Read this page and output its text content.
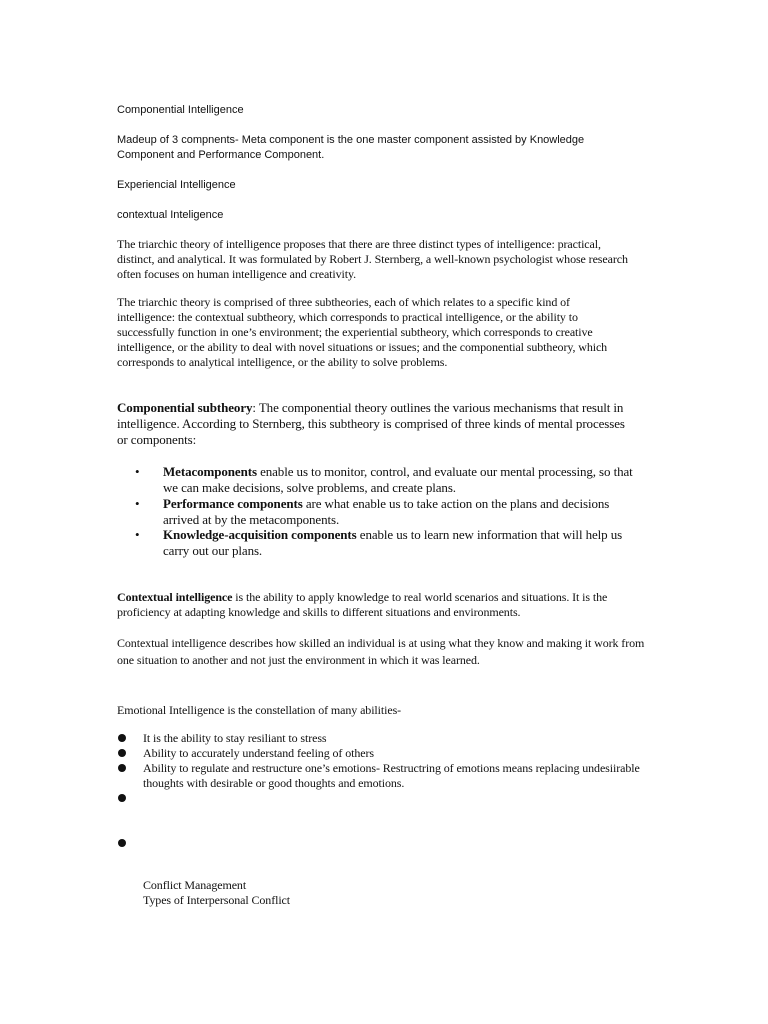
Componential Intelligence

Madeup of 3 compnents- Meta component is the one master component assisted by Knowledge Component and Performance Component.

Experiencial Intelligence

contextual Inteligence

The triarchic theory of intelligence proposes that there are three distinct types of intelligence: practical, distinct, and analytical. It was formulated by Robert J. Sternberg, a well-known psychologist whose research often focuses on human intelligence and creativity.

The triarchic theory is comprised of three subtheories, each of which relates to a specific kind of intelligence: the contextual subtheory, which corresponds to practical intelligence, or the ability to successfully function in one’s environment; the experiential subtheory, which corresponds to creative intelligence, or the ability to deal with novel situations or issues; and the componential subtheory, which corresponds to analytical intelligence, or the ability to solve problems.

Componential subtheory: The componential theory outlines the various mechanisms that result in intelligence. According to Sternberg, this subtheory is comprised of three kinds of mental processes or components:

• Metacomponents enable us to monitor, control, and evaluate our mental processing, so that we can make decisions, solve problems, and create plans.

• Performance components are what enable us to take action on the plans and decisions arrived at by the metacomponents.

• Knowledge-acquisition components enable us to learn new information that will help us carry out our plans.

Contextual intelligence is the ability to apply knowledge to real world scenarios and situations. It is the proficiency at adapting knowledge and skills to different situations and environments.

Contextual intelligence describes how skilled an individual is at using what they know and making it work from one situation to another and not just the environment in which it was learned.

Emotional Intelligence is the constellation of many abilities-

It is the ability to stay resiliant to stress

Ability to accurately understand feeling of others

Ability to regulate and restructure one’s emotions- Restructring of emotions means replacing undesiirable thoughts with desirable or good thoughts and emotions.

Conflict Management

Types of Interpersonal Conflict
